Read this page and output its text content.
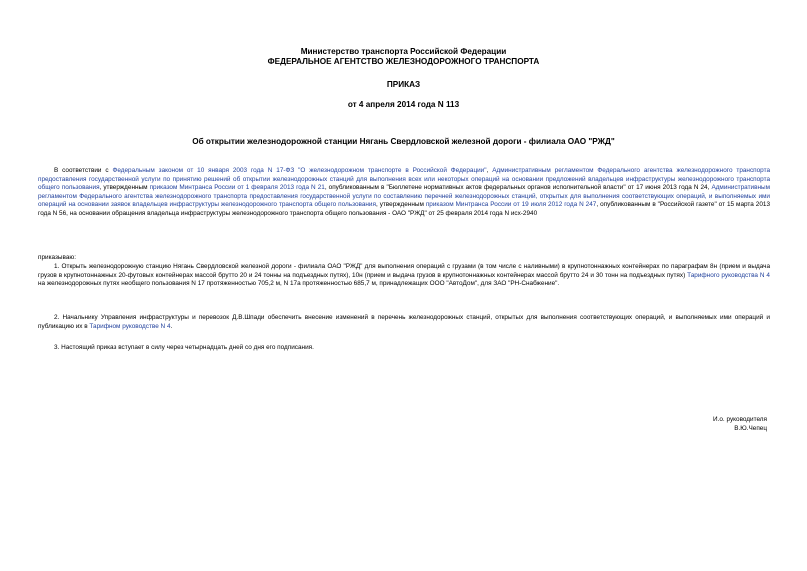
Министерство транспорта Российской Федерации
ФЕДЕРАЛЬНОЕ АГЕНТСТВО ЖЕЛЕЗНОДОРОЖНОГО ТРАНСПОРТА
ПРИКАЗ
от 4 апреля 2014 года N 113
Об открытии железнодорожной станции Нягань Свердловской железной дороги - филиала ОАО "РЖД"
В соответствии с Федеральным законом от 10 января 2003 года N 17-ФЗ "О железнодорожном транспорте в Российской Федерации", Административным регламентом Федерального агентства железнодорожного транспорта предоставления государственной услуги по принятию решений об открытии железнодорожных станций для выполнения всех или некоторых операций на основании предложений владельцев инфраструктуры железнодорожного транспорта общего пользования, утвержденным приказом Минтранса России от 1 февраля 2013 года N 21, опубликованным в "Бюллетене нормативных актов федеральных органов исполнительной власти" от 17 июня 2013 года N 24, Административным регламентом Федерального агентства железнодорожного транспорта предоставления государственной услуги по составлению перечней железнодорожных станций, открытых для выполнения соответствующих операций, и выполняемых ими операций на основании заявок владельцев инфраструктуры железнодорожного транспорта общего пользования, утвержденным приказом Минтранса России от 19 июля 2012 года N 247, опубликованным в "Российской газете" от 15 марта 2013 года N 56, на основании обращения владельца инфраструктуры железнодорожного транспорта общего пользования - ОАО "РЖД" от 25 февраля 2014 года N исх-2940
приказываю:
1. Открыть железнодорожную станцию Нягань Свердловской железной дороги - филиала ОАО "РЖД" для выполнения операций с грузами (в том числе с наливными) в крупнотоннажных контейнерах по параграфам 8н (прием и выдача грузов в крупнотоннажных 20-футовых контейнерах массой брутто 20 и 24 тонны на подъездных путях), 10н (прием и выдача грузов в крупнотоннажных контейнерах массой брутто 24 и 30 тонн на подъездных путях) Тарифного руководства N 4 на железнодорожных путях необщего пользования N 17 протяженностью 705,2 м, N 17а протяженностью 685,7 м, принадлежащих ООО "АвтоДом", для ЗАО "РН-Снабжение".
2. Начальнику Управления инфраструктуры и перевозок Д.В.Шпади обеспечить внесение изменений в перечень железнодорожных станций, открытых для выполнения соответствующих операций, и выполняемых ими операций и публикацию их в Тарифном руководстве N 4.
3. Настоящий приказ вступает в силу через четырнадцать дней со дня его подписания.
И.о. руководителя
В.Ю.Чепец
